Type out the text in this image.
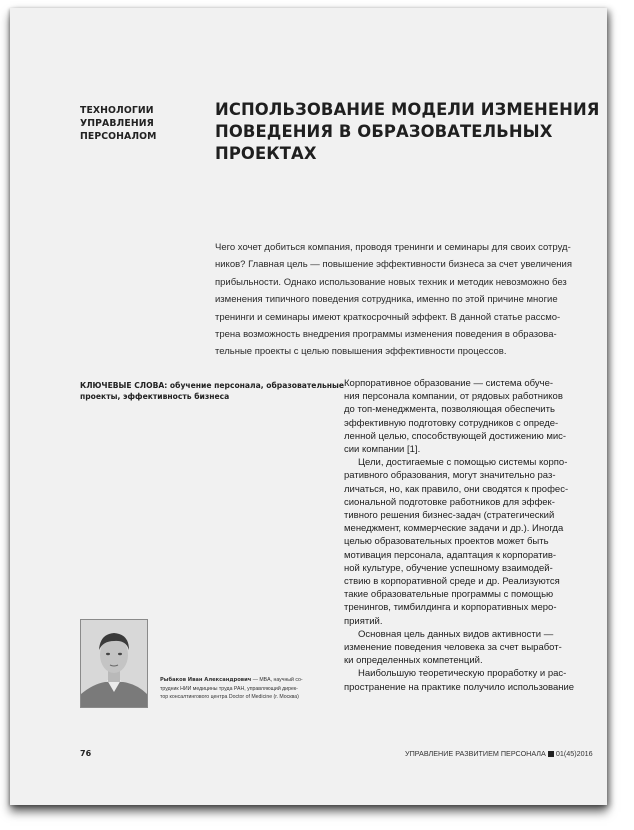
ТЕХНОЛОГИИ
УПРАВЛЕНИЯ
ПЕРСОНАЛОМ
ИСПОЛЬЗОВАНИЕ МОДЕЛИ ИЗМЕНЕНИЯ
ПОВЕДЕНИЯ В ОБРАЗОВАТЕЛЬНЫХ
ПРОЕКТАХ
Чего хочет добиться компания, проводя тренинги и семинары для своих сотруд-
ников? Главная цель — повышение эффективности бизнеса за счет увеличения
прибыльности. Однако использование новых техник и методик невозможно без
изменения типичного поведения сотрудника, именно по этой причине многие
тренинги и семинары имеют краткосрочный эффект. В данной статье рассмо-
трена возможность внедрения программы изменения поведения в образова-
тельные проекты с целью повышения эффективности процессов.
КЛЮЧЕВЫЕ СЛОВА: обучение персонала, образовательные
проекты, эффективность бизнеса
Корпоративное образование — система обуче-
ния персонала компании, от рядовых работников
до топ-менеджмента, позволяющая обеспечить
эффективную подготовку сотрудников с опреде-
ленной целью, способствующей достижению мис-
сии компании [1].
Цели, достигаемые с помощью системы корпо-
ративного образования, могут значительно раз-
личаться, но, как правило, они сводятся к профес-
сиональной подготовке работников для эффек-
тивного решения бизнес-задач (стратегический
менеджмент, коммерческие задачи и др.). Иногда
целью образовательных проектов может быть
мотивация персонала, адаптация к корпоратив-
ной культуре, обучение успешному взаимодей-
ствию в корпоративной среде и др. Реализуются
такие образовательные программы с помощью
тренингов, тимбилдинга и корпоративных меро-
приятий.
Основная цель данных видов активности —
изменение поведения человека за счет выработ-
ки определенных компетенций.
Наибольшую теоретическую проработку и рас-
пространение на практике получило использование
Рыбаков Иван Александрович — MBA, научный со-
трудник НИИ медицины труда РАН, управляющий дирек-
тор консалтингового центра Doctor of Medicine (г. Москва)
76	УПРАВЛЕНИЕ РАЗВИТИЕМ ПЕРСОНАЛА 01(45)2016
